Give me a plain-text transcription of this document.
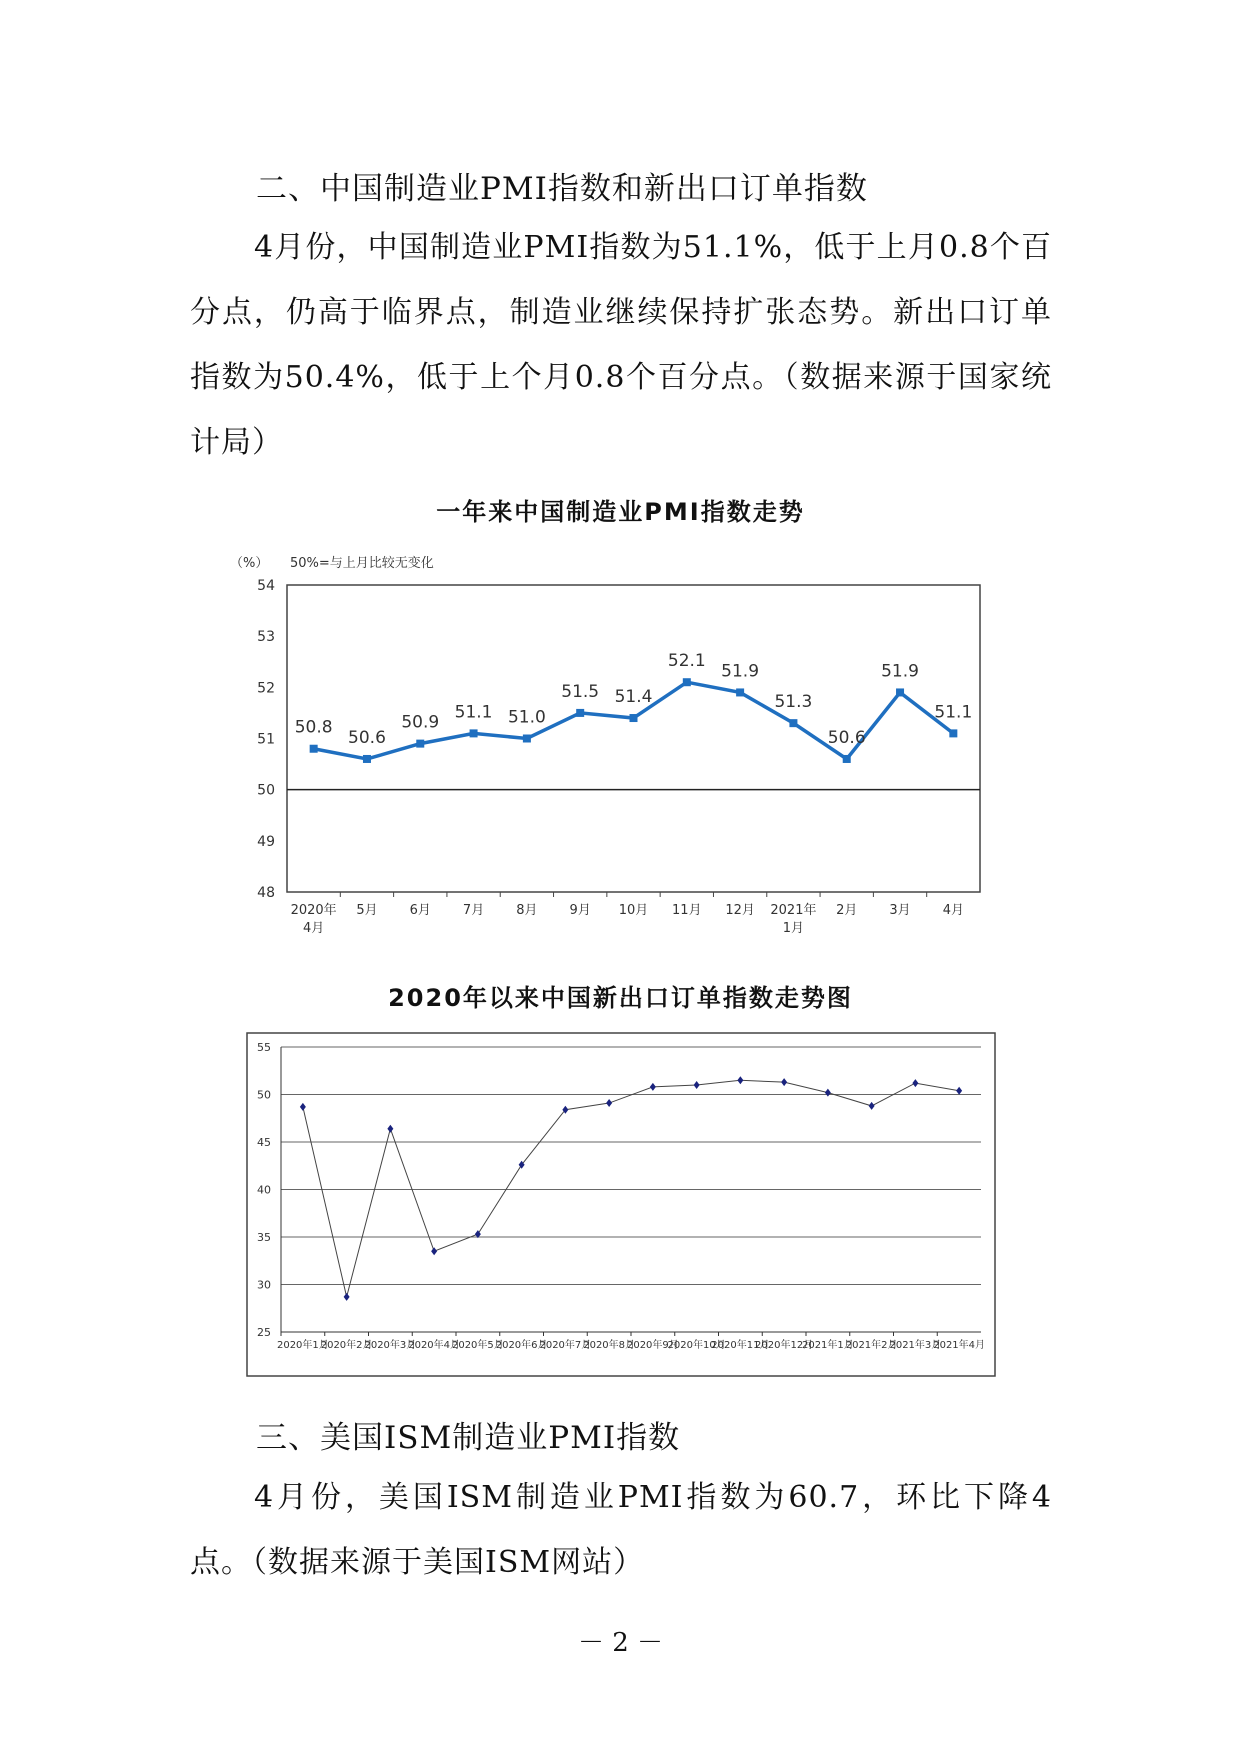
二、中国制造业PMI指数和新出口订单指数

4月份，中国制造业PMI指数为51.1%，低于上月0.8个百分点，仍高于临界点，制造业继续保持扩张态势。新出口订单指数为50.4%，低于上个月0.8个百分点。（数据来源于国家统计局）

一年来中国制造业PMI指数走势
（%） 50%=与上月比较无变化
48
49
50
51
52
53
54
2020年 4月
5月 6月 7月 8月 9月 10月 11月 12月 2021年 1月
2月 3月 4月
50.8
50.6
50.9
51.1 51.0
51.5 51.4
52.1
51.9
51.3
50.6
51.9
51.1
2020年以来中国新出口订单指数走势图
25
30
35
40
45
50
55
2020年1月
2020年2月
2020年3月
2020年4月
2020年5月
2020年6月
2020年7月
2020年8月
2020年9月
2020年10月
2020年11月
2020年12月
2021年1月
2021年2月
2021年3月
2021年4月
三、美国ISM制造业PMI指数

4月份，美国ISM制造业PMI指数为60.7，环比下降4点。（数据来源于美国ISM网站）

－ 2 －
